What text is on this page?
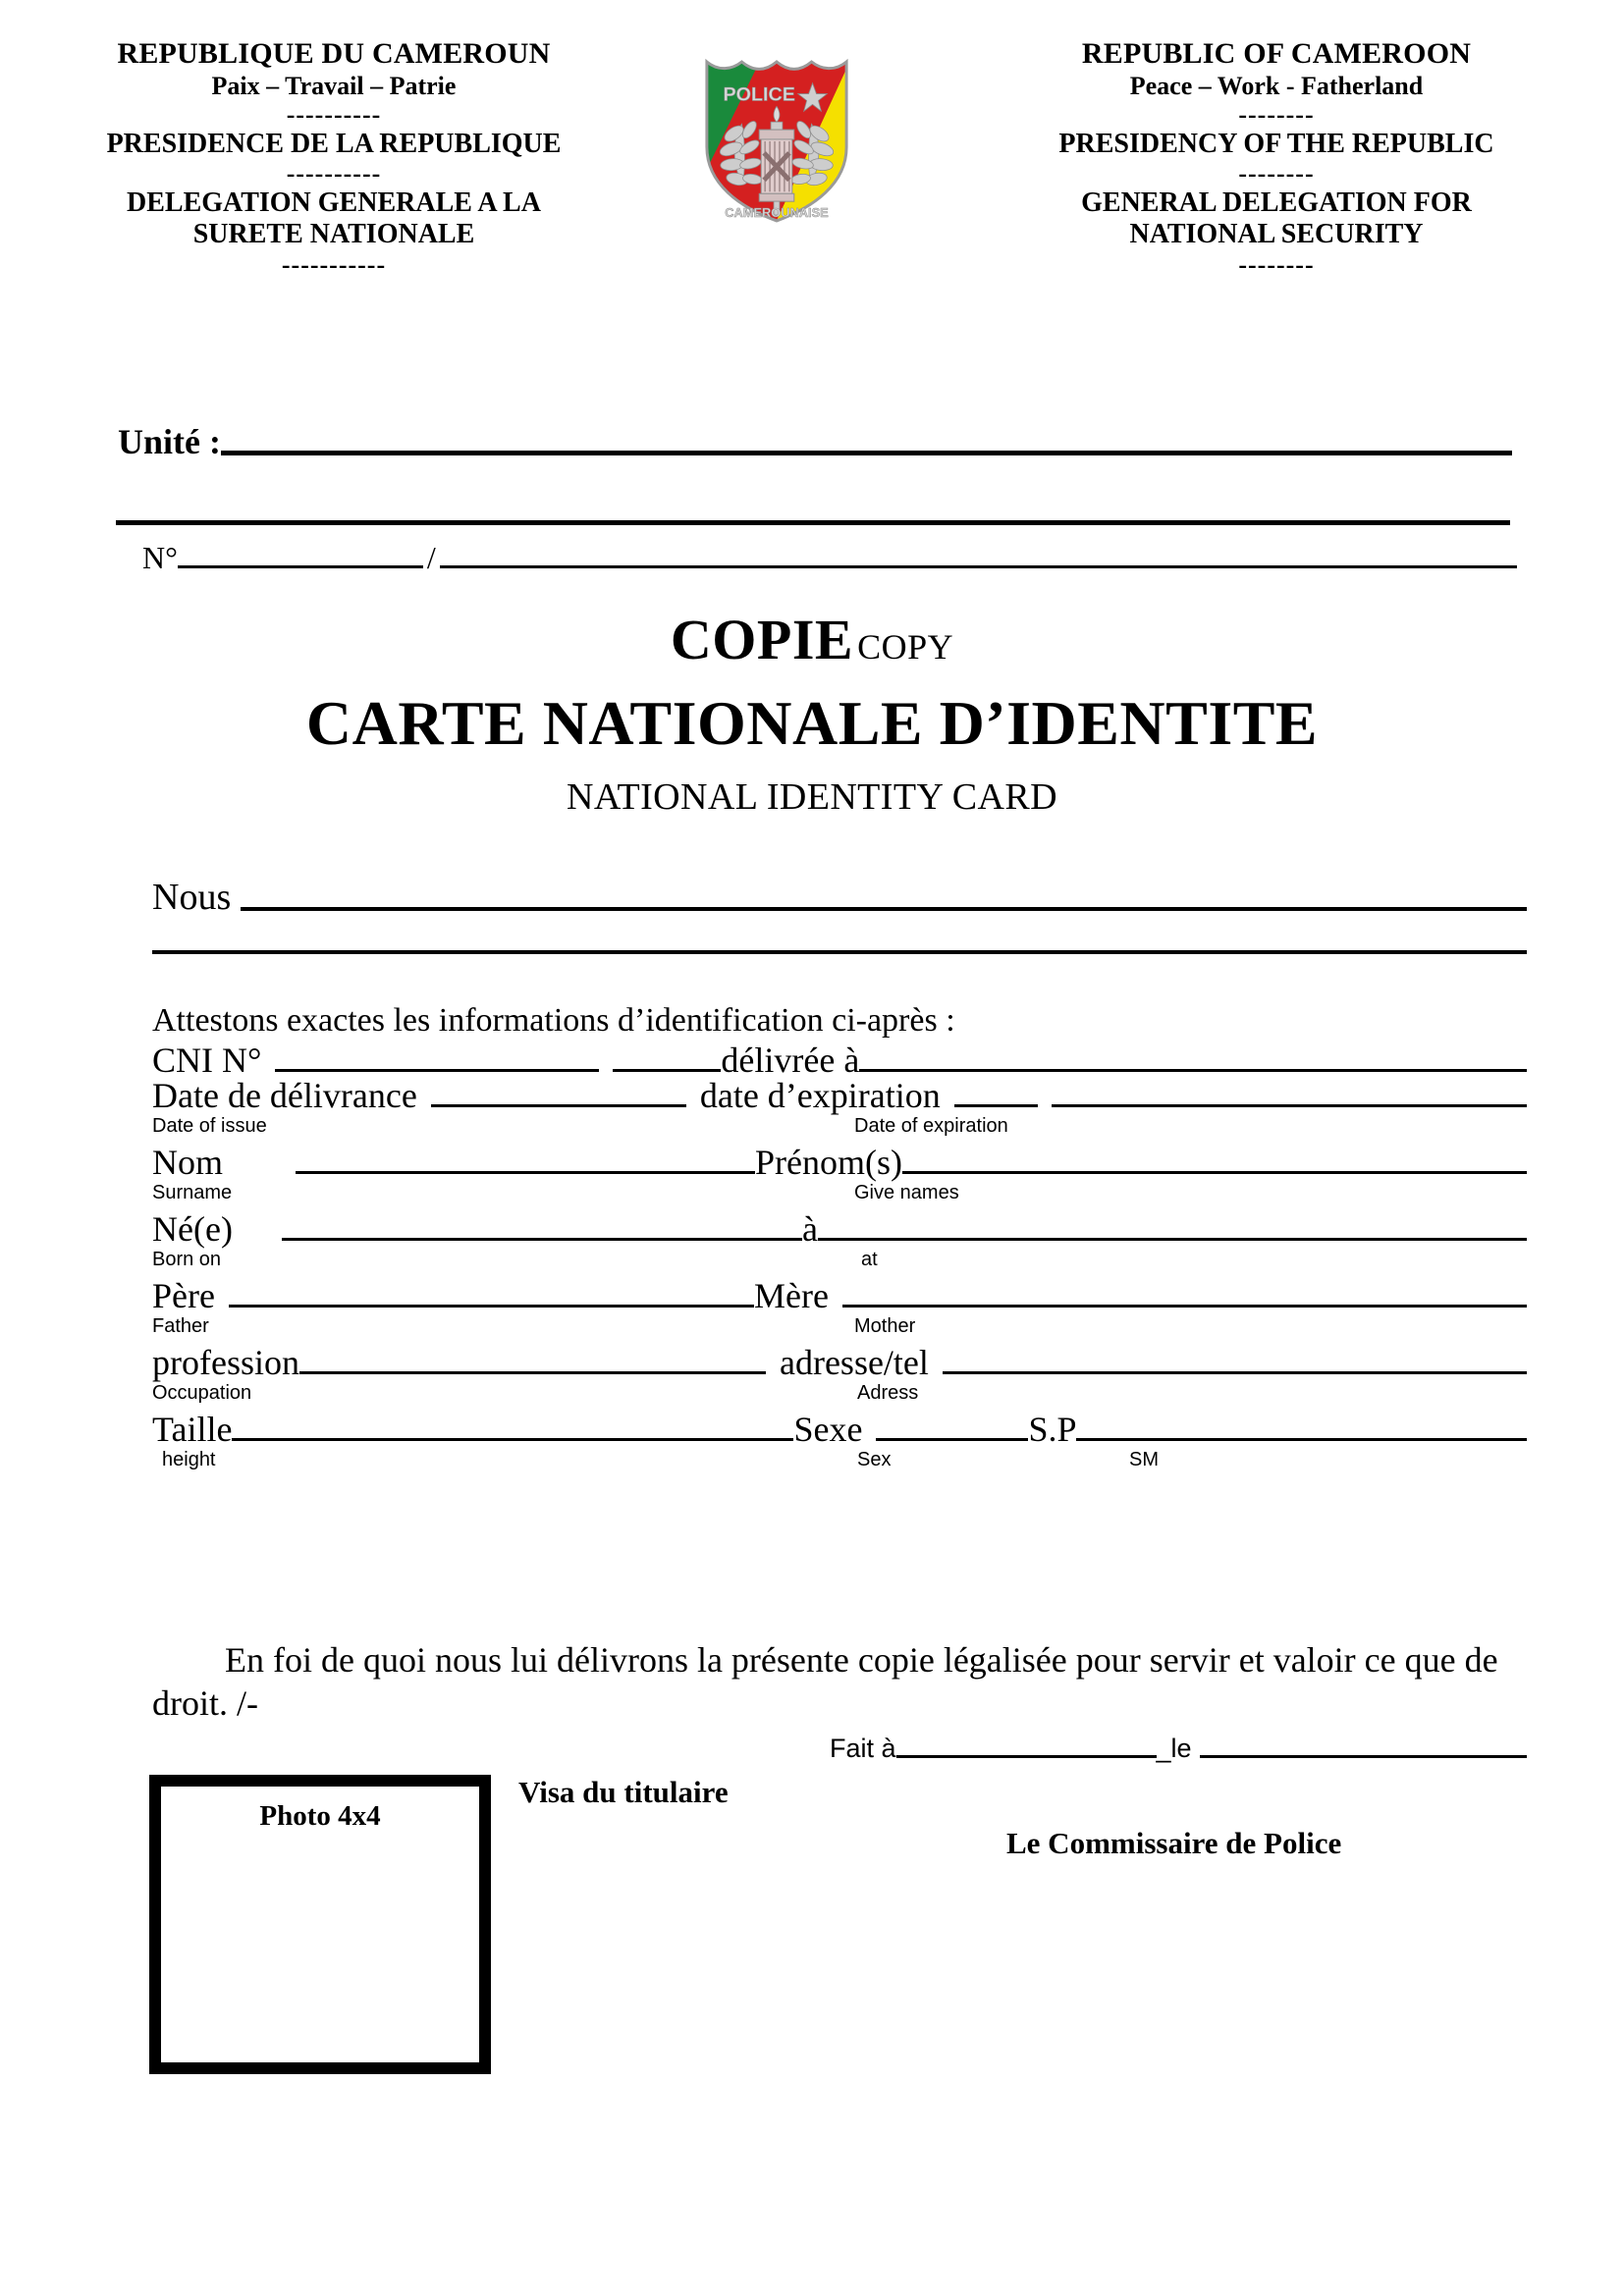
REPUBLIQUE DU CAMEROUN
Paix – Travail – Patrie
----------
PRESIDENCE DE LA REPUBLIQUE
----------
DELEGATION GENERALE A LA
SURETE NATIONALE
-----------
REPUBLIC OF CAMEROON
Peace – Work - Fatherland
--------
PRESIDENCY OF THE REPUBLIC
--------
GENERAL DELEGATION FOR
NATIONAL SECURITY
--------
POLICE
CAMEROUNAISE
Unité :
N°	/
COPIE COPY
CARTE NATIONALE D’IDENTITE
NATIONAL IDENTITY CARD
Nous
Attestons exactes les informations d’identification ci-après :
CNI N°	délivrée à
Date de délivrance	date d’expiration
Date of issue	Date of expiration
Nom	Prénom(s)
Surname	Give names
Né(e)	à
Born on	at
Père	Mère
Father	Mother
profession	adresse/tel
Occupation	Adress
Taille	Sexe	S.P
height	Sex	SM
En foi de quoi nous lui délivrons la présente copie légalisée pour servir et valoir ce que de droit. /-
Fait à	_le
Photo 4x4
Visa du titulaire
Le Commissaire de Police
